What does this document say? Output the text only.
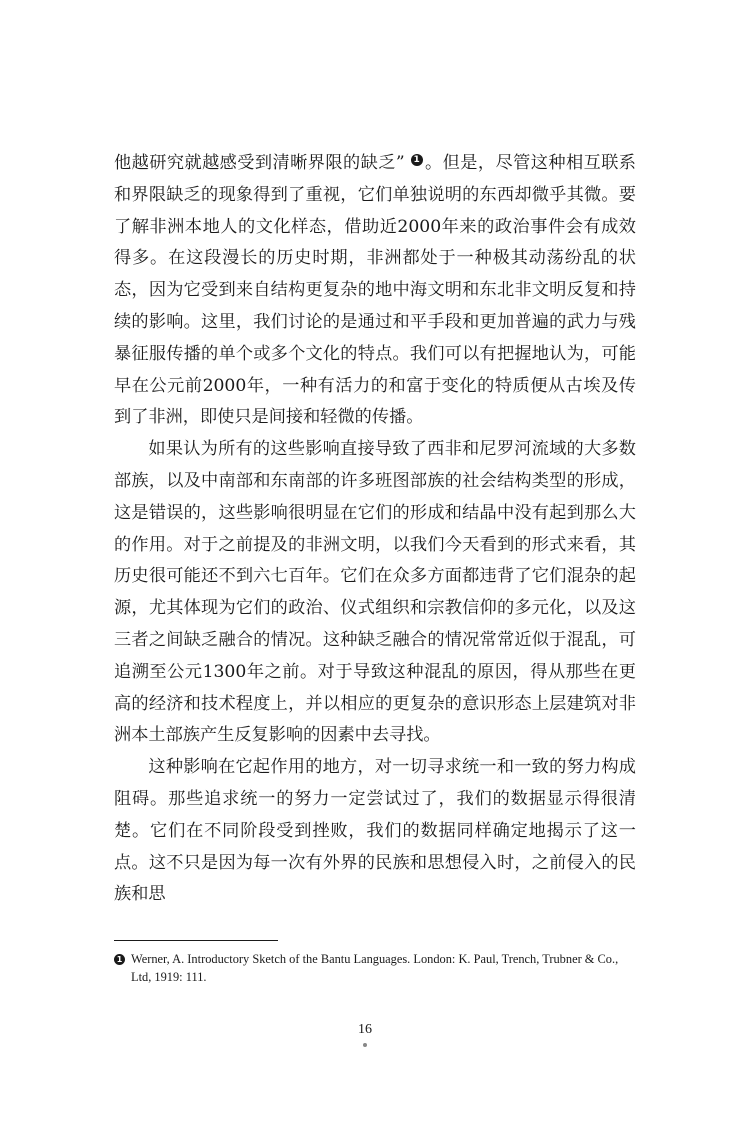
他越研究就越感受到清晰界限的缺乏” 1 。但是，尽管这种相互联系和界限缺乏的现象得到了重视，它们单独说明的东西却微乎其微。要了解非洲本地人的文化样态，借助近2000年来的政治事件会有成效得多。在这段漫长的历史时期，非洲都处于一种极其动荡纷乱的状态，因为它受到来自结构更复杂的地中海文明和东北非文明反复和持续的影响。这里，我们讨论的是通过和平手段和更加普遍的武力与残暴征服传播的单个或多个文化的特点。我们可以有把握地认为，可能早在公元前2000年，一种有活力的和富于变化的特质便从古埃及传到了非洲，即使只是间接和轻微的传播。

如果认为所有的这些影响直接导致了西非和尼罗河流域的大多数部族，以及中南部和东南部的许多班图部族的社会结构类型的形成，这是错误的，这些影响很明显在它们的形成和结晶中没有起到那么大的作用。对于之前提及的非洲文明，以我们今天看到的形式来看，其历史很可能还不到六七百年。它们在众多方面都违背了它们混杂的起源，尤其体现为它们的政治、仪式组织和宗教信仰的多元化，以及这三者之间缺乏融合的情况。这种缺乏融合的情况常常近似于混乱，可追溯至公元1300年之前。对于导致这种混乱的原因，得从那些在更高的经济和技术程度上，并以相应的更复杂的意识形态上层建筑对非洲本土部族产生反复影响的因素中去寻找。

这种影响在它起作用的地方，对一切寻求统一和一致的努力构成阻碍。那些追求统一的努力一定尝试过了，我们的数据显示得很清楚。它们在不同阶段受到挫败，我们的数据同样确定地揭示了这一点。这不只是因为每一次有外界的民族和思想侵入时，之前侵入的民族和思

1 Werner, A. Introductory Sketch of the Bantu Languages. London: K. Paul, Trench, Trubner & Co.,
Ltd, 1919: 111.
16
